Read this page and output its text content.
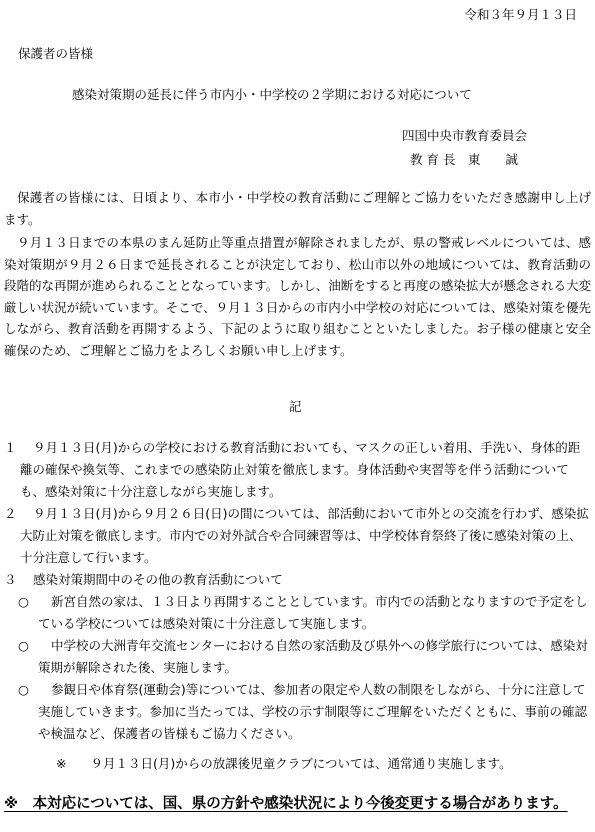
令和３年９月１３日
保護者の皆様
感染対策期の延長に伴う市内小・中学校の２学期における対応について
四国中央市教育委員会
教 育 長　東　　誠
保護者の皆様には、日頃より、本市小・中学校の教育活動にご理解とご協力をいただき感謝申し上げます。
９月１３日までの本県のまん延防止等重点措置が解除されましたが、県の警戒レベルについては、感染対策期が９月２６日まで延長されることが決定しており、松山市以外の地域については、教育活動の段階的な再開が進められることとなっています。しかし、油断をすると再度の感染拡大が懸念される大変厳しい状況が続いています。そこで、９月１３日からの市内小中学校の対応については、感染対策を優先しながら、教育活動を再開するよう、下記のように取り組むことといたしました。お子様の健康と安全確保のため、ご理解とご協力をよろしくお願い申し上げます。
記
１	９月１３日(月)からの学校における教育活動においても、マスクの正しい着用、手洗い、身体的距離の確保や換気等、これまでの感染防止対策を徹底します。身体活動や実習等を伴う活動についても、感染対策に十分注意しながら実施します。
２	９月１３日(月)から９月２６日(日)の間については、部活動において市外との交流を行わず、感染拡大防止対策を徹底します。市内での対外試合や合同練習等は、中学校体育祭終了後に感染対策の上、十分注意して行います。
３	感染対策期間中のその他の教育活動について
○	新宮自然の家は、１３日より再開することとしています。市内での活動となりますので予定をしている学校については感染対策に十分注意して実施します。
○	中学校の大洲青年交流センターにおける自然の家活動及び県外への修学旅行については、感染対策期が解除された後、実施します。
○	参観日や体育祭(運動会)等については、参加者の限定や人数の制限をしながら、十分に注意して実施していきます。参加に当たっては、学校の示す制限等にご理解をいただくともに、事前の確認や検温など、保護者の皆様もご協力ください。
※ ９月１３日(月)からの放課後児童クラブについては、通常通り実施します。
※　本対応については、国、県の方針や感染状況により今後変更する場合があります。
